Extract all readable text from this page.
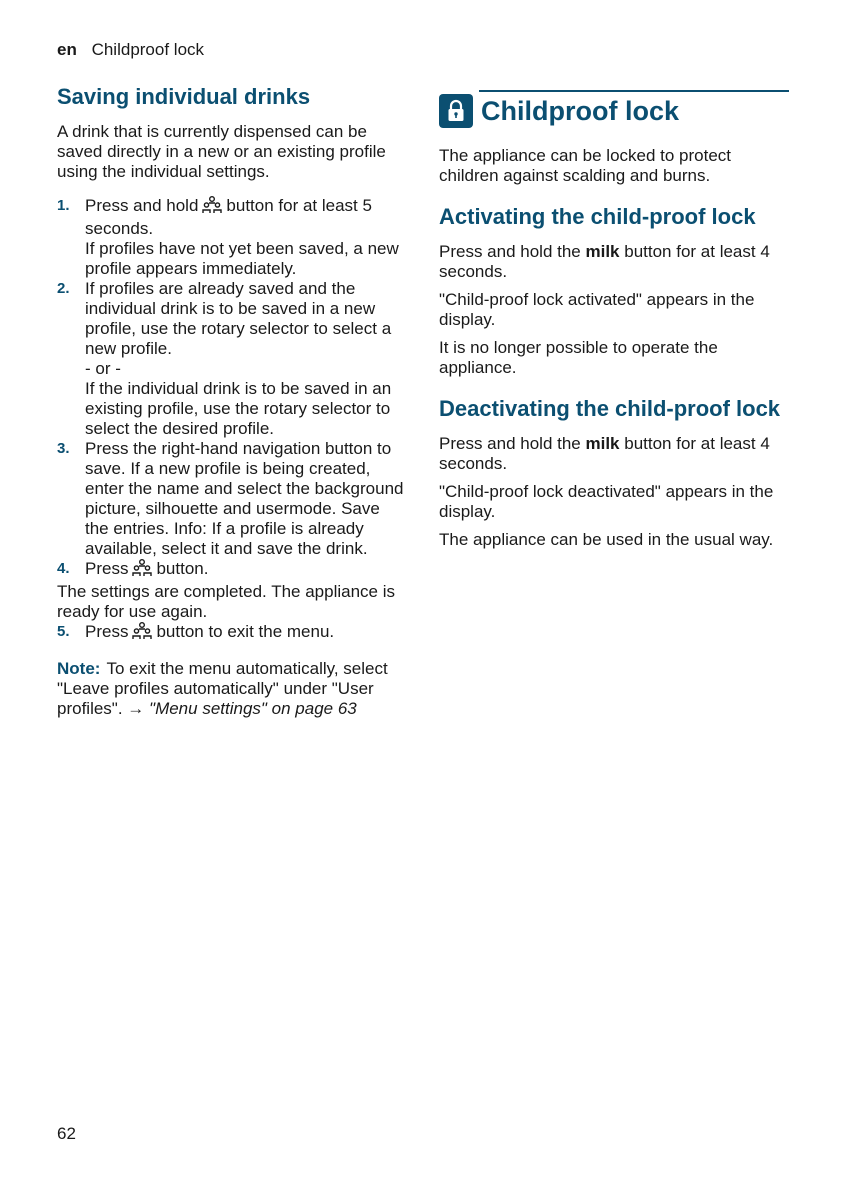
en Childproof lock
Saving individual drinks

A drink that is currently dispensed can be saved directly in a new or an existing profile using the individual settings.

1. Press and hold button for at least 5 seconds.
If profiles have not yet been saved, a new profile appears immediately.
2. If profiles are already saved and the individual drink is to be saved in a new profile, use the rotary selector to select a new profile.
- or -
If the individual drink is to be saved in an existing profile, use the rotary selector to select the desired profile.
3. Press the right-hand navigation button to save. If a new profile is being created, enter the name and select the background picture, silhouette and usermode. Save the entries. Info: If a profile is already available, select it and save the drink.
4. Press button.

The settings are completed. The appliance is ready for use again.

5. Press button to exit the menu.

Note: To exit the menu automatically, select "Leave profiles automatically" under "User profiles". → "Menu settings" on page 63

Childproof lock

The appliance can be locked to protect children against scalding and burns.

Activating the child-proof lock

Press and hold the milk button for at least 4 seconds.

"Child-proof lock activated" appears in the display.

It is no longer possible to operate the appliance.

Deactivating the child-proof lock

Press and hold the milk button for at least 4 seconds.

"Child-proof lock deactivated" appears in the display.

The appliance can be used in the usual way.

62
